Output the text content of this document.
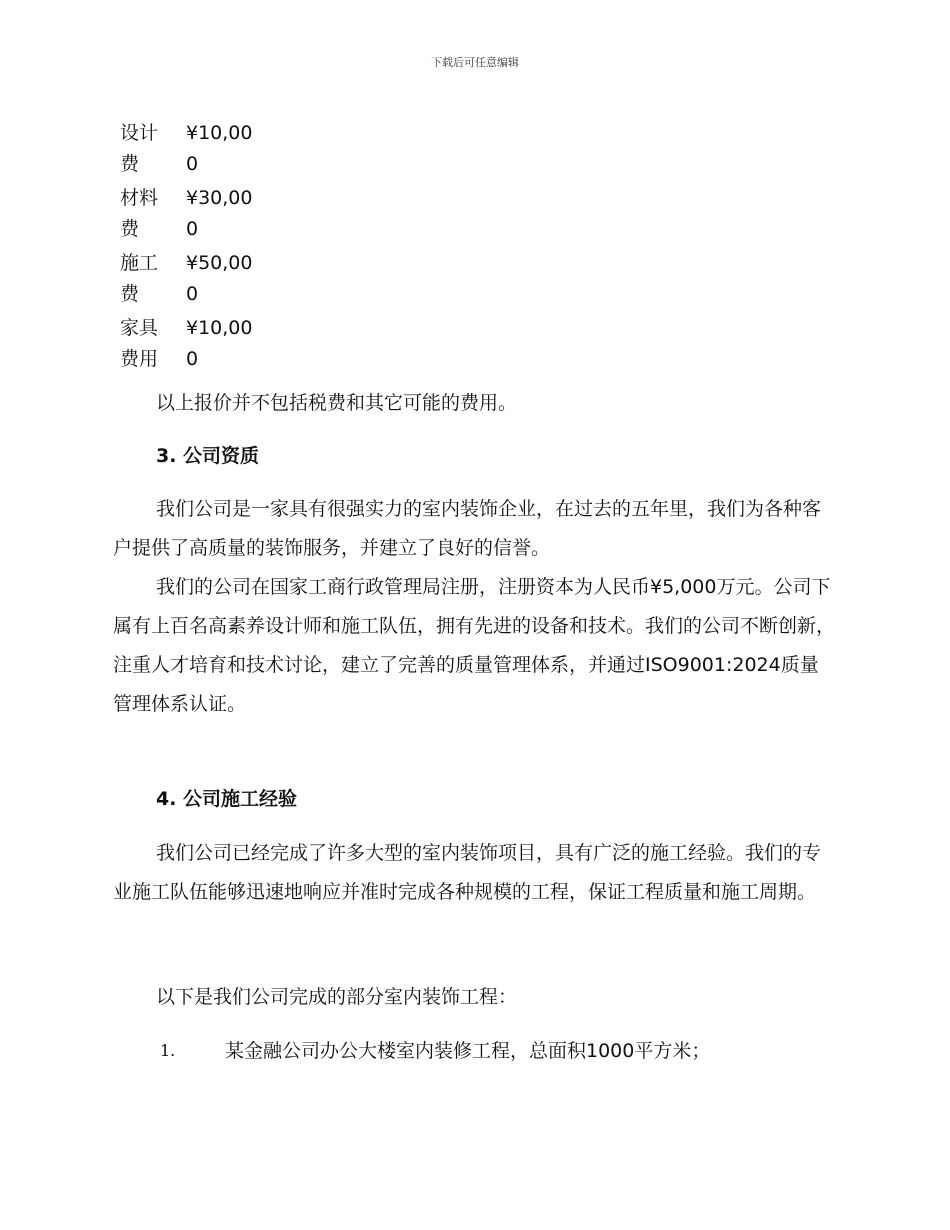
下载后可任意编辑
设计费	¥10,000

材料费	¥30,000

施工费	¥50,000

家具费用	¥10,000

以上报价并不包括税费和其它可能的费用。

3. 公司资质

我们公司是一家具有很强实力的室内装饰企业，在过去的五年里，我们为各种客户提供了高质量的装饰服务，并建立了良好的信誉。

我们的公司在国家工商行政管理局注册，注册资本为人民币¥5,000万元。公司下属有上百名高素养设计师和施工队伍，拥有先进的设备和技术。我们的公司不断创新，注重人才培育和技术讨论，建立了完善的质量管理体系，并通过ISO9001:2024质量管理体系认证。

4. 公司施工经验

我们公司已经完成了许多大型的室内装饰项目，具有广泛的施工经验。我们的专业施工队伍能够迅速地响应并准时完成各种规模的工程，保证工程质量和施工周期。

以下是我们公司完成的部分室内装饰工程：

1.	某金融公司办公大楼室内装修工程，总面积1000平方米；
